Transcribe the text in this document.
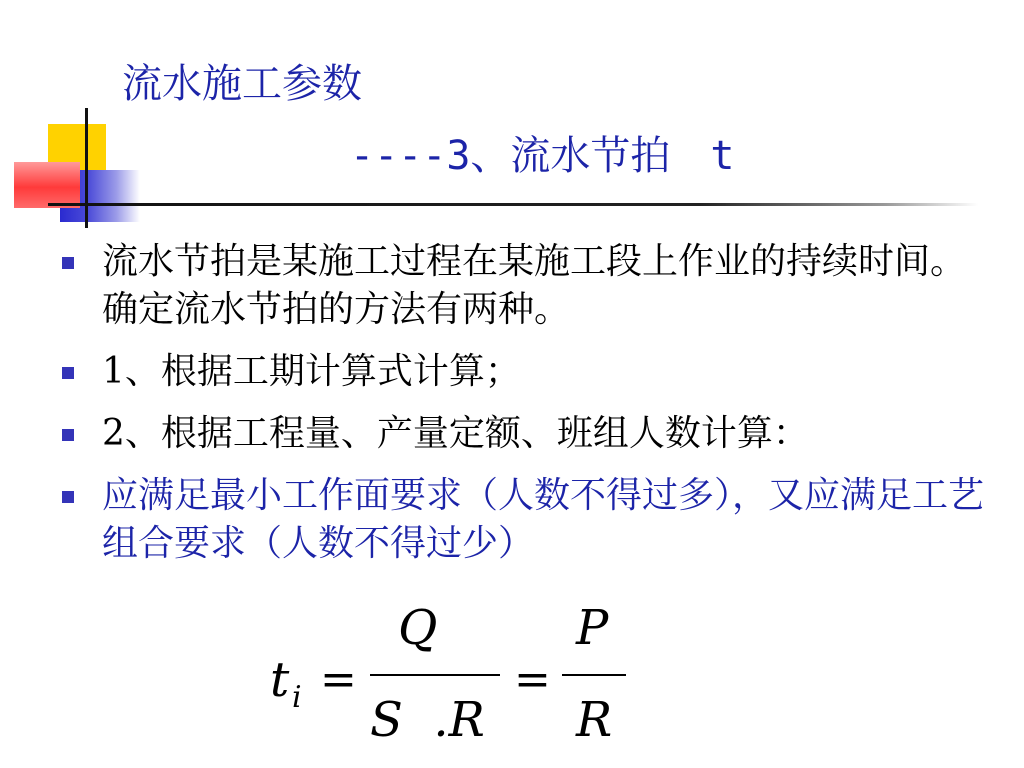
流水施工参数
----3、流水节拍 t
流水节拍是某施工过程在某施工段上作业的持续时间。确定流水节拍的方法有两种。
1、根据工期计算式计算；
2、根据工程量、产量定额、班组人数计算：
应满足最小工作面要求（人数不得过多），又应满足工艺组合要求（人数不得过少）
t i =
Q
S  .R
=
P
R
